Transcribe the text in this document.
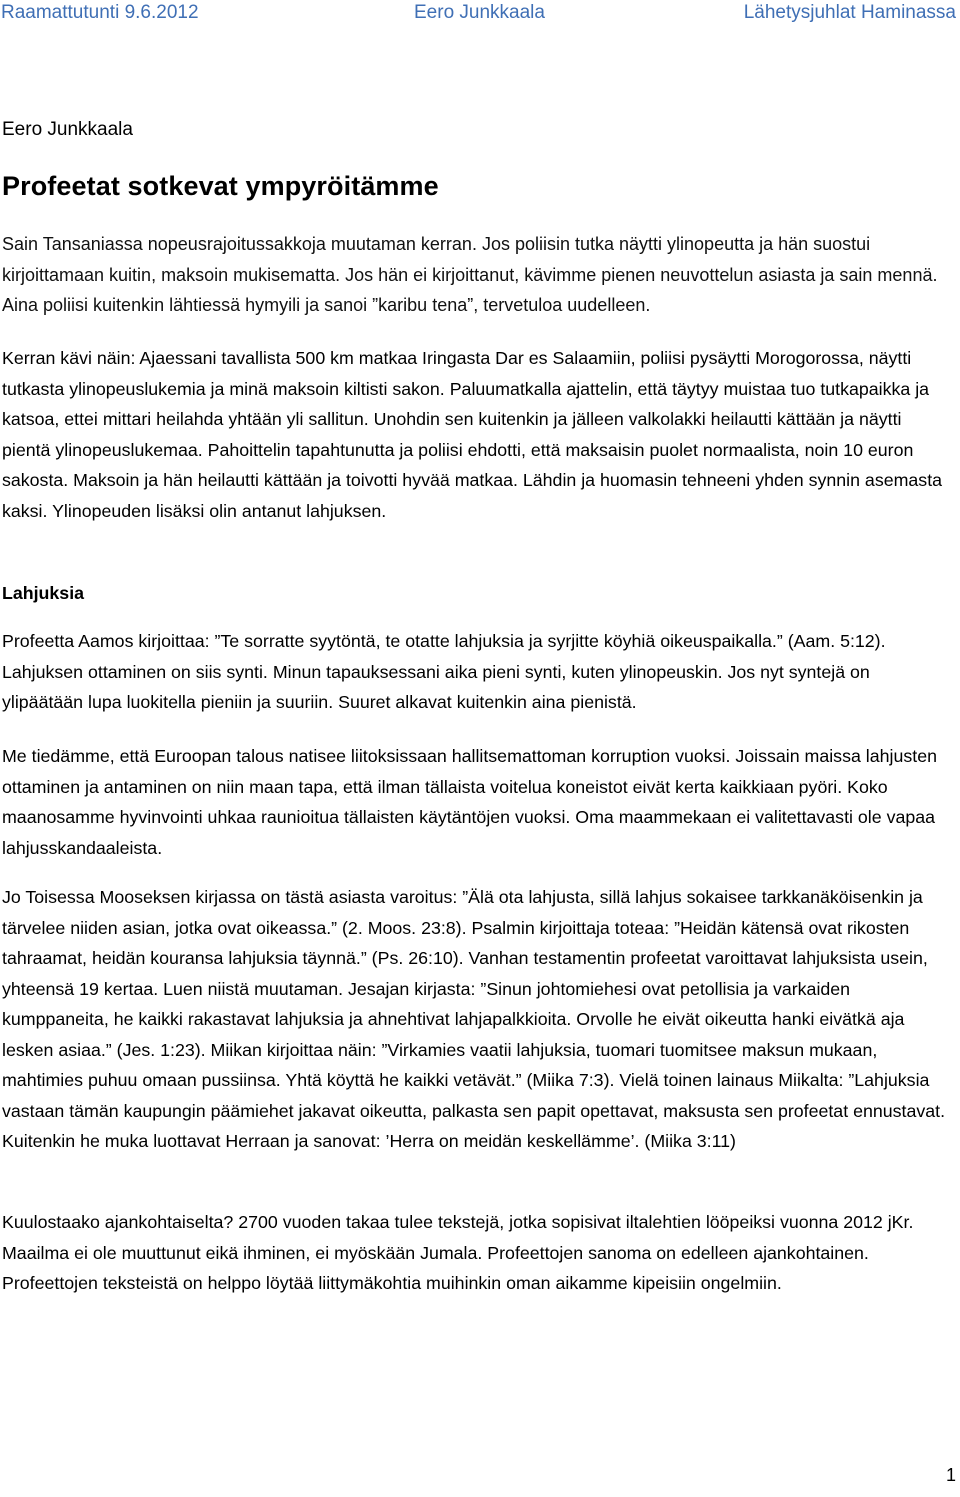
Raamattutunti 9.6.2012	Eero Junkkaala	Lähetysjuhlat Haminassa
Eero Junkkaala
Profeetat sotkevat ympyröitämme

Sain Tansaniassa nopeusrajoitussakkoja muutaman kerran. Jos poliisin tutka näytti ylinopeutta ja hän suostui kirjoittamaan kuitin, maksoin mukisematta. Jos hän ei kirjoittanut, kävimme pienen neuvottelun asiasta ja sain mennä. Aina poliisi kuitenkin lähtiessä hymyili ja sanoi ”karibu tena”, tervetuloa uudelleen.

Kerran kävi näin: Ajaessani tavallista 500 km matkaa Iringasta Dar es Salaamiin, poliisi pysäytti Morogorossa, näytti tutkasta ylinopeuslukemia ja minä maksoin kiltisti sakon. Paluumatkalla ajattelin, että täytyy muistaa tuo tutkapaikka ja katsoa, ettei mittari heilahda yhtään yli sallitun. Unohdin sen kuitenkin ja jälleen valkolakki heilautti kättään ja näytti pientä ylinopeuslukemaa. Pahoittelin tapahtunutta ja poliisi ehdotti, että maksaisin puolet normaalista, noin 10 euron sakosta. Maksoin ja hän heilautti kättään ja toivotti hyvää matkaa. Lähdin ja huomasin tehneeni yhden synnin asemasta kaksi. Ylinopeuden lisäksi olin antanut lahjuksen.

Lahjuksia

Profeetta Aamos kirjoittaa: ”Te sorratte syytöntä, te otatte lahjuksia ja syrjitte köyhiä oikeuspaikalla.” (Aam. 5:12). Lahjuksen ottaminen on siis synti. Minun tapauksessani aika pieni synti, kuten ylinopeuskin. Jos nyt syntejä on ylipäätään lupa luokitella pieniin ja suuriin. Suuret alkavat kuitenkin aina pienistä.

Me tiedämme, että Euroopan talous natisee liitoksissaan hallitsemattoman korruption vuoksi. Joissain maissa lahjusten ottaminen ja antaminen on niin maan tapa, että ilman tällaista voitelua koneistot eivät kerta kaikkiaan pyöri. Koko maanosamme hyvinvointi uhkaa raunioitua tällaisten käytäntöjen vuoksi. Oma maammekaan ei valitettavasti ole vapaa lahjusskandaaleista.

Jo Toisessa Mooseksen kirjassa on tästä asiasta varoitus: ”Älä ota lahjusta, sillä lahjus sokaisee tarkkanäköisenkin ja tärvelee niiden asian, jotka ovat oikeassa.” (2. Moos. 23:8). Psalmin kirjoittaja toteaa: ”Heidän kätensä ovat rikosten tahraamat, heidän kouransa lahjuksia täynnä.” (Ps. 26:10). Vanhan testamentin profeetat varoittavat lahjuksista usein, yhteensä 19 kertaa. Luen niistä muutaman. Jesajan kirjasta: ”Sinun johtomiehesi ovat petollisia ja varkaiden kumppaneita, he kaikki rakastavat lahjuksia ja ahnehtivat lahjapalkkioita. Orvolle he eivät oikeutta hanki eivätkä aja lesken asiaa.” (Jes. 1:23). Miikan kirjoittaa näin: ”Virkamies vaatii lahjuksia, tuomari tuomitsee maksun mukaan, mahtimies puhuu omaan pussiinsa. Yhtä köyttä he kaikki vetävät.” (Miika 7:3). Vielä toinen lainaus Miikalta: ”Lahjuksia vastaan tämän kaupungin päämiehet jakavat oikeutta, palkasta sen papit opettavat, maksusta sen profeetat ennustavat. Kuitenkin he muka luottavat Herraan ja sanovat: ’Herra on meidän keskellämme’. (Miika 3:11)

Kuulostaako ajankohtaiselta? 2700 vuoden takaa tulee tekstejä, jotka sopisivat iltalehtien lööpeiksi vuonna 2012 jKr. Maailma ei ole muuttunut eikä ihminen, ei myöskään Jumala. Profeettojen sanoma on edelleen ajankohtainen. Profeettojen teksteistä on helppo löytää liittymäkohtia muihinkin oman aikamme kipeisiin ongelmiin.

1
